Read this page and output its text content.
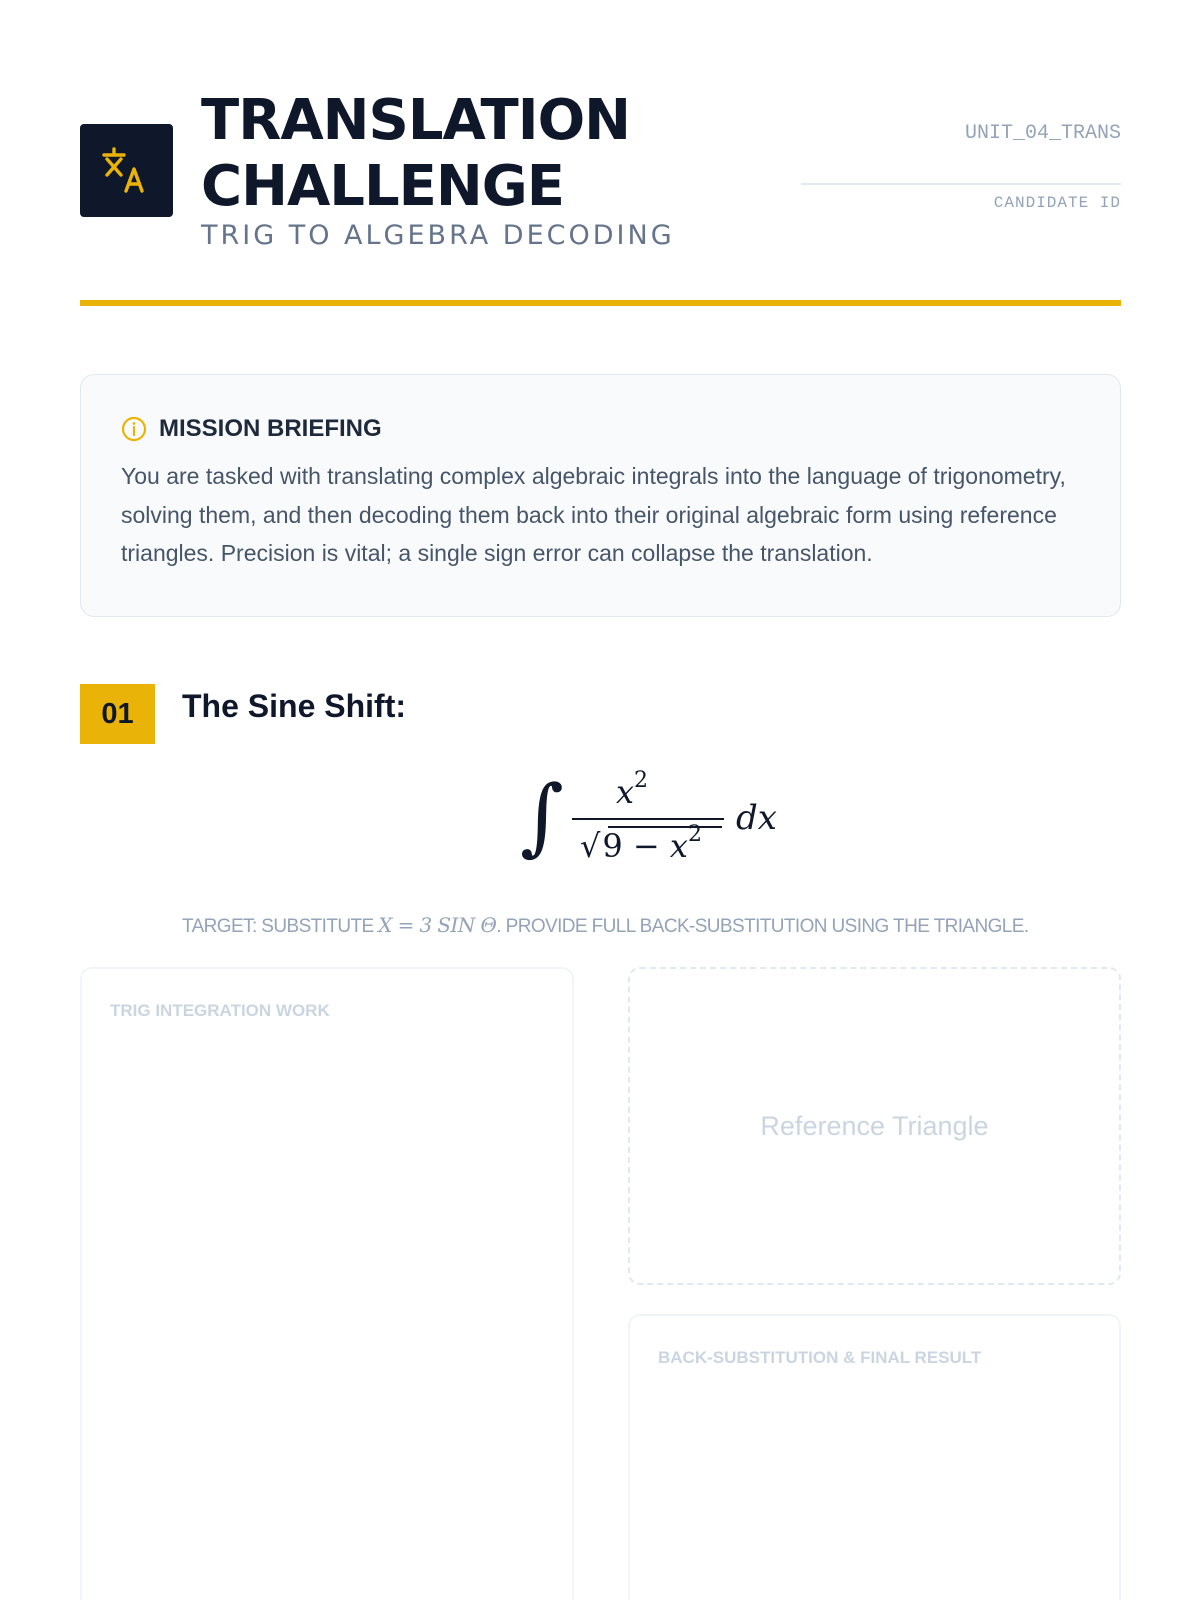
TRANSLATION
CHALLENGE
TRIG TO ALGEBRA DECODING
UNIT_04_TRANS
CANDIDATE ID
MISSION BRIEFING

You are tasked with translating complex algebraic integrals into the language of trigonometry, solving them, and then decoding them back into their original algebraic form using reference triangles. Precision is vital; a single sign error can collapse the translation.

01	The Sine Shift:
∫ $x^2$
√
$9 - x^2$ dx
TARGET: SUBSTITUTE X = 3 SIN Θ. PROVIDE FULL BACK-SUBSTITUTION USING THE TRIANGLE.
TRIG INTEGRATION WORK
Reference Triangle
BACK-SUBSTITUTION & FINAL RESULT
